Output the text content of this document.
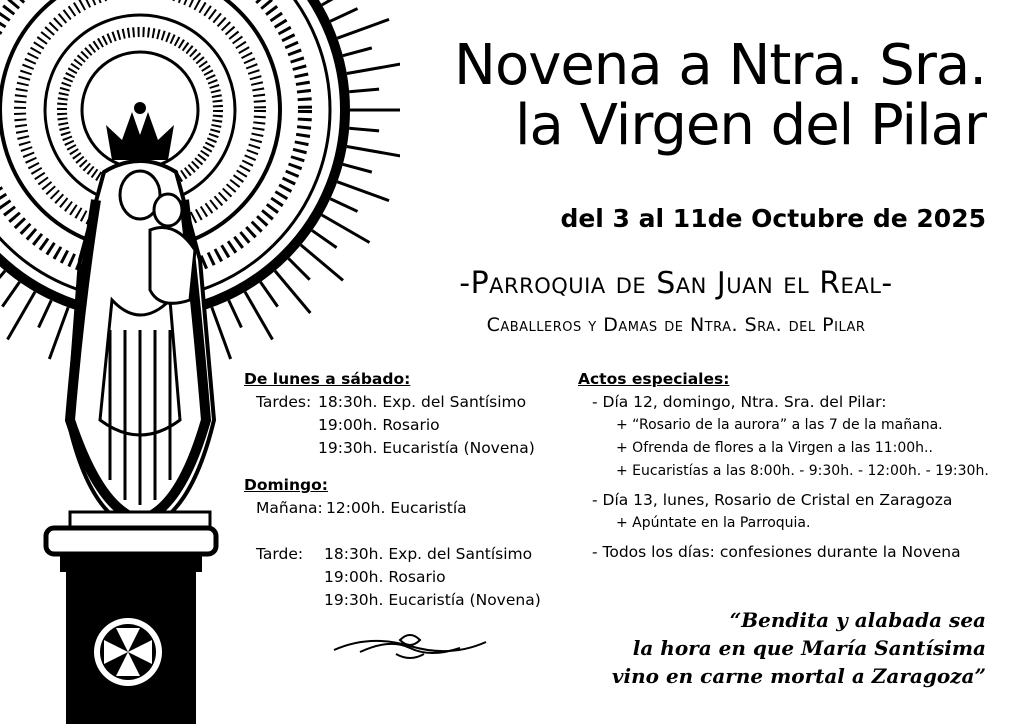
Novena a Ntra. Sra.
la Virgen del Pilar
del 3 al 11de Octubre de 2025
-Parroquia de San Juan el Real-
Caballeros y Damas de Ntra. Sra. del Pilar
De lunes a sábado:
Tardes: 18:30h. Exp. del Santísimo
19:00h. Rosario
19:30h. Eucaristía (Novena)
Domingo:
Mañana: 12:00h. Eucaristía
Tarde: 18:30h. Exp. del Santísimo
19:00h. Rosario
19:30h. Eucaristía (Novena)
Actos especiales:
- Día 12, domingo, Ntra. Sra. del Pilar:
+ “Rosario de la aurora” a las 7 de la mañana.
+ Ofrenda de flores a la Virgen a las 11:00h..
+ Eucaristías a las 8:00h. - 9:30h. - 12:00h. - 19:30h.
- Día 13, lunes, Rosario de Cristal en Zaragoza
+ Apúntate en la Parroquia.
- Todos los días: confesiones durante la Novena
“Bendita y alabada sea
la hora en que María Santísima
vino en carne mortal a Zaragoza”
